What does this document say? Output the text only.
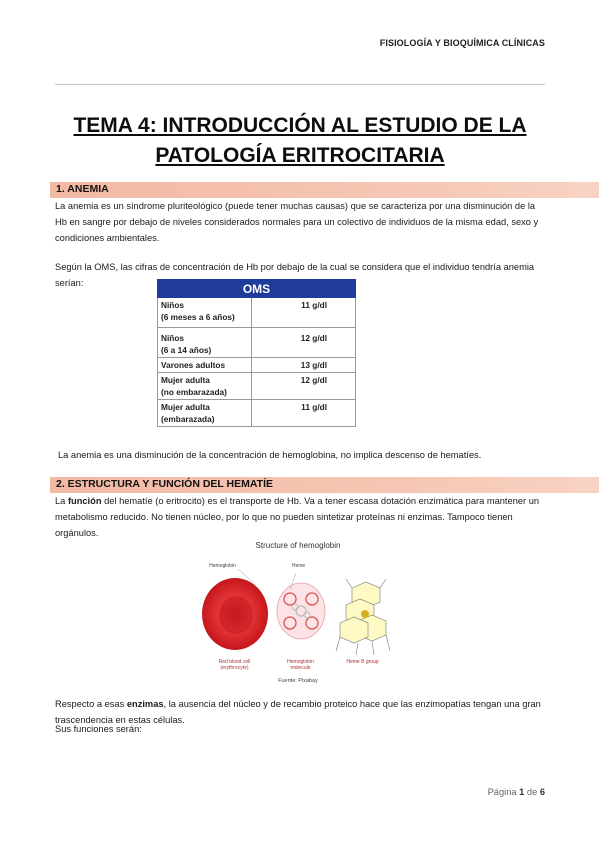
FISIOLOGÍA Y BIOQUÍMICA CLÍNICAS
TEMA 4: INTRODUCCIÓN AL ESTUDIO DE LA
PATOLOGÍA ERITROCITARIA
1. ANEMIA
La anemia es un síndrome pluriteológico (puede tener muchas causas) que se caracteriza por una disminución de la Hb en sangre por debajo de niveles considerados normales para un colectivo de individuos de la misma edad, sexo y condiciones ambientales.
Según la OMS, las cifras de concentración de Hb por debajo de la cual se considera que el individuo tendría anemia serían:	OMS	
Niños
(6 meses a 6 años)	11 g/dl

Niños
(6 a 14 años)	12 g/dl
Varones adultos	13 g/dl
Mujer adulta
(no embarazada)	12 g/dl
Mujer adulta
(embarazada)	11 g/dl
La anemia es una disminución de la concentración de hemoglobina, no implica descenso de hematíes.
2. ESTRUCTURA Y FUNCIÓN DEL HEMATÍE
La función del hematíe (o eritrocito) es el transporte de Hb. Va a tener escasa dotación enzimática para mantener un metabolismo reducido. No tienen núcleo, por lo que no pueden sintetizar proteínas ni enzimas. Tampoco tienen orgánulos.
Structure of hemoglobin
Hemoglobin	Heme
Red blood cell (erythrocyte)
Hemoglobin molecule
Heme B group
Fuente: Pixabay
Respecto a esas enzimas, la ausencia del núcleo y de recambio proteico hace que las enzimopatías tengan una gran trascendencia en estas células.
Sus funciones serán:
Página 1 de 6
